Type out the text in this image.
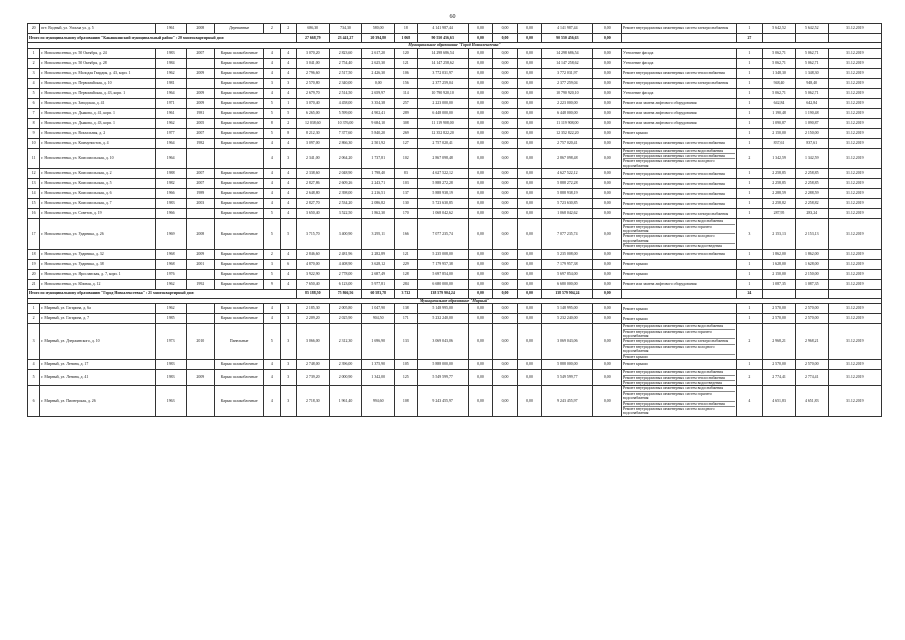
60
20	пгт. Водный, ул. Уисьма ул. д. 5	1961	2008	Деревянные	2	2	686,30	734,30	580,00	18	4 141 987,44	0,00	0,00	0,00	4 141 987,44	0,00	Ремонт внутридомовых инженерных систем электроснабжения	1	5 642,52	5 642,52	31.12.2019
Итого по муниципальному образованию "Какашкинский муниципальный район" : 20 многоквартирный дом:							27 668,79	23 441,27	20 394,80	1 068	90 550 456,63	0,00	0,00	0,00	90 550 456,63	0,00		27			
Муниципальное образование "Город Новоалексеевка"																					
1	г. Новоалексеевка, ул. 50 Октября, д. 24	1983	2007	Каркас шлакоблочные	4	4	3 070,20	2 823,60	2 617,20	120	14 298 686,54	0,00	0,00	0,00	14 298 686,54	0,00	Утепление фасада	1	5 062,71	5 062,71	31.12.2019
2	г. Новоалексеевка, ул. 50 Октября, д. 28	1984		Каркас шлакоблочные	4	4	3 041,00	2 754,40	2 625,30	121	14 147 258,62	0,00	0,00	0,00	14 147 258,62	0,00	Утепление фасада	1	5 062,71	5 062,71	31.12.2019
3	г. Новоалексеевка, ул. Молодая Гвардия, д. 43, корп. 1	1962	2009	Каркас шлакоблочные	4	4	2 796,60	2 517,50	2 426,30	106	3 772 031,97	0,00	0,00	0,00	3 772 031,97	0,00	Ремонт внутридомовых инженерных систем теплоснабжения	1	1 348,30	1 348,30	31.12.2019
4	г. Новоалексеевка, ул. Первомайская, д. 10	1981		Каркас шлакоблочные	3	3	2 570,80	2 340,00	0,00	156	2 377 259,04	0,00	0,00	0,00	2 377 259,04	0,00	Ремонт внутридомовых инженерных систем электроснабжения	1	948,40	948,40	31.12.2019
5	г. Новоалексеевка, ул. Первомайская, д. 43, корп. 1	1964	2009	Каркас шлакоблочные	4	4	2 679,70	2 514,50	2 659,97	114	10 790 920,10	0,00	0,00	0,00	10 790 920,10	0,00	Утепление фасада	1	5 062,71	5 062,71	31.12.2019
6	г. Новоалексеевка, ул. Заводская, д. 41	1971	2009	Каркас шлакоблочные	5	1	3 070,40	4 458,00	3 354,38	257	2 223 000,00	0,00	0,00	0,00	2 223 000,00	0,00	Ремонт или замена лифтового оборудования	1	642,84	642,84	31.12.2019
7	г. Новоалексеевка, ул. Дьякова, д. 41, корп. 1	1961	1981	Каркас шлакоблочные	5	5	6 265,00	5 599,00	4 902,41	289	6 448 000,00	0,00	0,00	0,00	6 448 000,00	0,00	Ремонт или замена лифтового оборудования	1	1 190,48	1 190,48	31.12.2019
8	г. Новоалексеевка, ул. Дьякова, д. 43, корп. 1	1962	2005	Каркас шлакоблочные	8	2	12 038,60	10 376,00	9 684,10	308	11 119 908,00	0,00	0,00	0,00	11 119 908,00	0,00	Ремонт или замена лифтового оборудования	1	1 090,87	1 090,87	31.12.2019
9	г. Новоалексеевка, ул. Вокзальная, д. 2	1977	2007	Каркас шлакоблочные	5	8	8 212,30	7 377,60	5 840,20	269	12 352 822,20	0,00	0,00	0,00	12 352 822,20	0,00	Ремонт крыши	1	2 150,00	2 150,00	31.12.2019
10	г. Новоалексеевка, ул. Коммунистов, д. 4	1964	1982	Каркас шлакоблочные	4	4	3 097,00	2 866,30	2 501,92	127	2 757 020,41	0,00	0,00	0,00	2 757 020,41	0,00	Ремонт внутридомовых инженерных систем теплоснабжения	1	837,61	837,61	31.12.2019
11	г. Новоалексеевка, ул. Комсомольская, д. 10	1964			4	3	2 341,00	2 064,20	1 737,81	102	2 867 098,48	0,00	0,00	0,00	2 867 098,48	0,00	Ремонт внутридомовых инженерных систем водоснабжения
Ремонт внутридомовых инженерных систем теплоснабжения
Ремонт внутридомовых инженерных систем холодного водоснабжения	2	1 342,59	1 342,59	31.12.2019
12	г. Новоалексеевка, ул. Комсомольская, д. 2	1988	2007	Каркас шлакоблочные	4	4	2 338,60	2 048,90	1 798,40	83	4 627 522,12	0,00	0,00	0,00	4 627 522,12	0,00	Ремонт внутридомовых инженерных систем теплоснабжения	1	2 258,85	2 258,85	31.12.2019
13	г. Новоалексеевка, ул. Комсомольская, д. 5	1982	2007	Каркас шлакоблочные	4	4	2 827,86	2 609,26	2 243,71	103	5 888 272,28	0,00	0,00	0,00	5 888 272,28	0,00	Ремонт внутридомовых инженерных систем теплоснабжения	1	2 258,85	2 258,85	31.12.2019
14	г. Новоалексеевка, ул. Комсомольская, д. 6	1966	1989	Каркас шлакоблочные	4	4	2 648,80	2 398,00	2 216,51	137	5 888 938,19	0,00	0,00	0,00	5 888 938,19	0,00	Ремонт внутридомовых инженерных систем теплоснабжения	1	2 288,59	2 288,59	31.12.2019
15	г. Новоалексеевка, ул. Комсомольская, д. 7	1983	2003	Каркас шлакоблочные	4	4	2 827,70	2 534,20	2 086,82	130	5 723 630,85	0,00	0,00	0,00	5 723 630,85	0,00	Ремонт внутридомовых инженерных систем теплоснабжения	1	2 258,82	2 258,82	31.12.2019
16	г. Новоалексеевка, ул. Советов, д. 19	1966		Каркас шлакоблочные	5	4	3 650,40	3 522,50	1 862,30	170	1 068 042,62	0,00	0,00	0,00	1 068 042,62	0,00	Ремонт внутридомовых инженерных систем электроснабжения	1	287,95	283,24	31.12.2019
17	г. Новоалексеевка, ул. Ударника, д. 26	1969	2008	Каркас шлакоблочные	5	5	3 715,70	3 400,90	3 295,11	166	7 077 235,74	0,00	0,00	0,00	7 077 235,74	0,00	Ремонт внутридомовых инженерных систем водоснабжения
Ремонт внутридомовых инженерных систем горячего водоснабжения
Ремонт внутридомовых инженерных систем холодного водоснабжения
Ремонт внутридомовых инженерных систем водоотведения	3	2 153,13	2 153,13	31.12.2019
18	г. Новоалексеевка, ул. Ударника, д. 32	1968	2009	Каркас шлакоблочные	2	4	2 846,60	2 481,96	2 282,89	121	5 235 008,00	0,00	0,00	0,00	5 235 008,00	0,00	Ремонт внутридомовых инженерных систем теплоснабжения	1	1 862,00	1 862,00	31.12.2019
19	г. Новоалексеевка, ул. Ударника, д. 38	1968	2001	Каркас шлакоблочные	3	6	4 870,00	4 408,90	3 628,12	229	7 179 957,38	0,00	0,00	0,00	7 179 957,38	0,00	Ремонт крыши	1	1 628,00	1 628,00	31.12.2019
20	г. Новоалексеевка, ул. Ярославская, д. 7, корп. 1	1976		Каркас шлакоблочные	5	4	3 922,90	2 778,00	2 687,49	128	5 697 854,00	0,00	0,00	0,00	5 697 854,00	0,00	Ремонт крыши	1	2 150,00	2 150,00	31.12.2019
21	г. Новоалексеевка, ул. Южная, д. 12	1962	1992	Каркас шлакоблочные	9	4	7 650,40	6 123,00	5 977,81	284	6 680 000,00	0,00	0,00	0,00	6 680 000,00	0,00	Ремонт или замена лифтового оборудования	1	1 087,35	1 087,35	31.12.2019
Итого по муниципальному образованию "Город Новоалексеевка" : 21 многоквартирный дом:							85 188,50	75 866,56	60 583,78	3 732	138 579 904,24	0,00	0,00	0,00	138 579 904,24	0,00		24			
Муниципальное образование "Мирный"																					
1	г. Мирный, ул. Гагарина, д. 6а	1962		Каркас шлакоблочные	4	3	2 185,30	2 005,80	1 047,90	138	5 148 995,00	0,00	0,00	0,00	5 148 995,00	0,00	Ремонт крыши	1	2 570,00	2 570,00	31.12.2019
2	г. Мирный, ул. Гагарина, д. 7	1985		Каркас шлакоблочные	4	3	2 209,20	2 025,90	904,50	171	5 232 240,00	0,00	0,00	0,00	5 232 240,00	0,00	Ремонт крыши	1	2 570,00	2 570,00	31.12.2019
3	г. Мирный, ул. Дзержинского, д. 10	1973	2010	Панельные	5	3	3 066,00	2 312,30	1 696,90	133	3 069 043,06	0,00	0,00	0,00	3 069 043,06	0,00	Ремонт внутридомовых инженерных систем водоснабжения
Ремонт внутридомовых инженерных систем горячего водоснабжения
Ремонт внутридомовых инженерных систем электроснабжения
Ремонт внутридомовых инженерных систем холодного водоснабжения
Ремонт крыши	2	2 968,21	2 968,21	31.12.2019
4	г. Мирный, ул. Ленина, д. 17	1983		Каркас шлакоблочные	4	3	2 748,00	2 396,00	1 375,90	105	5 888 000,00	0,00	0,00	0,00	5 888 000,00	0,00	Ремонт крыши	1	2 570,00	2 570,00	31.12.2019
5	г. Мирный, ул. Ленина, д. 41	1983	2009	Каркас шлакоблочные	4	3	2 739,20	2 000,90	1 342,00	125	5 549 599,77	0,00	0,00	0,00	5 549 599,77	0,00	Ремонт внутридомовых инженерных систем водоснабжения
Ремонт внутридомовых инженерных систем теплоснабжения
Ремонт внутридомовых инженерных систем водоотведения	2	2 774,41	2 774,41	31.12.2019
6	г. Мирный, ул. Пионерская, д. 26	1963		Каркас шлакоблочные	4	3	2 718,30	1 961,40	994,60	108	9 243 455,97	0,00	0,00	0,00	9 243 455,97	0,00	Ремонт внутридомовых инженерных систем водоснабжения
Ремонт внутридомовых инженерных систем горячего водоснабжения
Ремонт внутридомовых инженерных систем теплоснабжения
Ремонт внутридомовых инженерных систем холодного водоснабжения	4	4 651,83	4 651,83	31.12.2019
